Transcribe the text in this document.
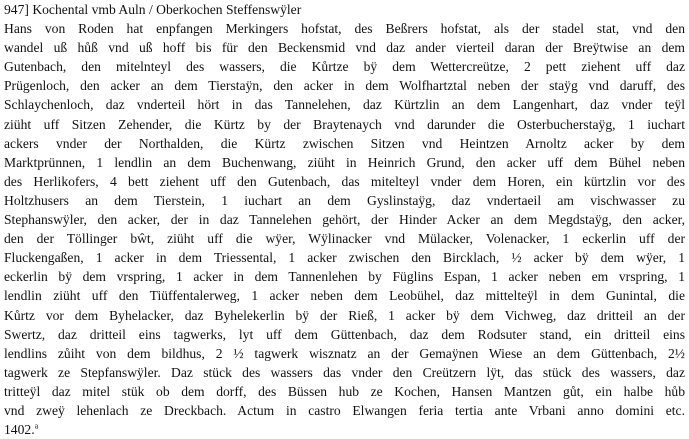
947] Kochental vmb Auln / Oberkochen Steffenswÿler
Hans von Roden hat enpfangen Merkingers hofstat, des Beßrers hofstat, als der stadel stat, vnd den
wandel uß hůß vnd uß hoff bis für den Beckensmid vnd daz ander vierteil daran der Breÿtwise an dem
Gutenbach, den mitelnteyl des wassers, die Kůrtze bÿ dem Wettercreütze, 2 pett ziehent uff daz
Prügenloch, den acker an dem Tierstaÿn, den acker in dem Wolfhartztal neben der staÿg vnd daruff, des
Schlaychenloch, daz vnderteil hört in das Tannelehen, daz Kürtzlin an dem Langenhart, daz vnder teÿl
ziüht uff Sitzen Zehender, die Kürtz by der Braytenaych vnd darunder die Osterbucherstaÿg, 1 iuchart
ackers vnder der Northalden, die Kürtz zwischen Sitzen vnd Heintzen Arnoltz acker by dem
Marktprünnen, 1 lendlin an dem Buchenwang, ziüht in Heinrich Grund, den acker uff dem Bühel neben
des Herlikofers, 4 bett ziehent uff den Gutenbach, das mitelteyl vnder dem Horen, ein kürtzlin vor des
Holtzhusers an dem Tierstein, 1 iuchart an dem Gyslinstaÿg, daz vndertaeil am vischwasser zu
Stephanswÿler, den acker, der in daz Tannelehen gehört, der Hinder Acker an dem Megdstaÿg, den acker,
den der Töllinger bŵt, ziüht uff die wÿer, Wÿlinacker vnd Mülacker, Volenacker, 1 eckerlin uff der
Fluckengaßen, 1 acker in dem Triessental, 1 acker zwischen den Bircklach, ½ acker bÿ dem wÿer, 1
eckerlin bÿ dem vrspring, 1 acker in dem Tannenlehen by Füglins Espan, 1 acker neben em vrspring, 1
lendlin ziüht uff den Tiüffentalerweg, 1 acker neben dem Leobühel, daz mittelteÿl in dem Gunintal, die
Kůrtz vor dem Byhelacker, daz Byhelekerlin bÿ der Rieß, 1 acker bÿ dem Vichweg, daz dritteil an der
Swertz, daz dritteil eins tagwerks, lyt uff dem Güttenbach, daz dem Rodsuter stand, ein dritteil eins
lendlins zůiht von dem bildhus, 2 ½ tagwerk wisznatz an der Gemaÿnen Wiese an dem Güttenbach, 2½
tagwerk ze Stepfanswÿler. Daz stück des wassers das vnder den Creützern lÿt, das stück des wassers, daz
tritteÿl daz mitel stük ob dem dorff, des Büssen hub ze Kochen, Hansen Mantzen gůt, ein halbe hůb
vnd zweÿ lehenlach ze Dreckbach. Actum in castro Elwangen feria tertia ante Vrbani anno domini etc.
1402.$^a$
